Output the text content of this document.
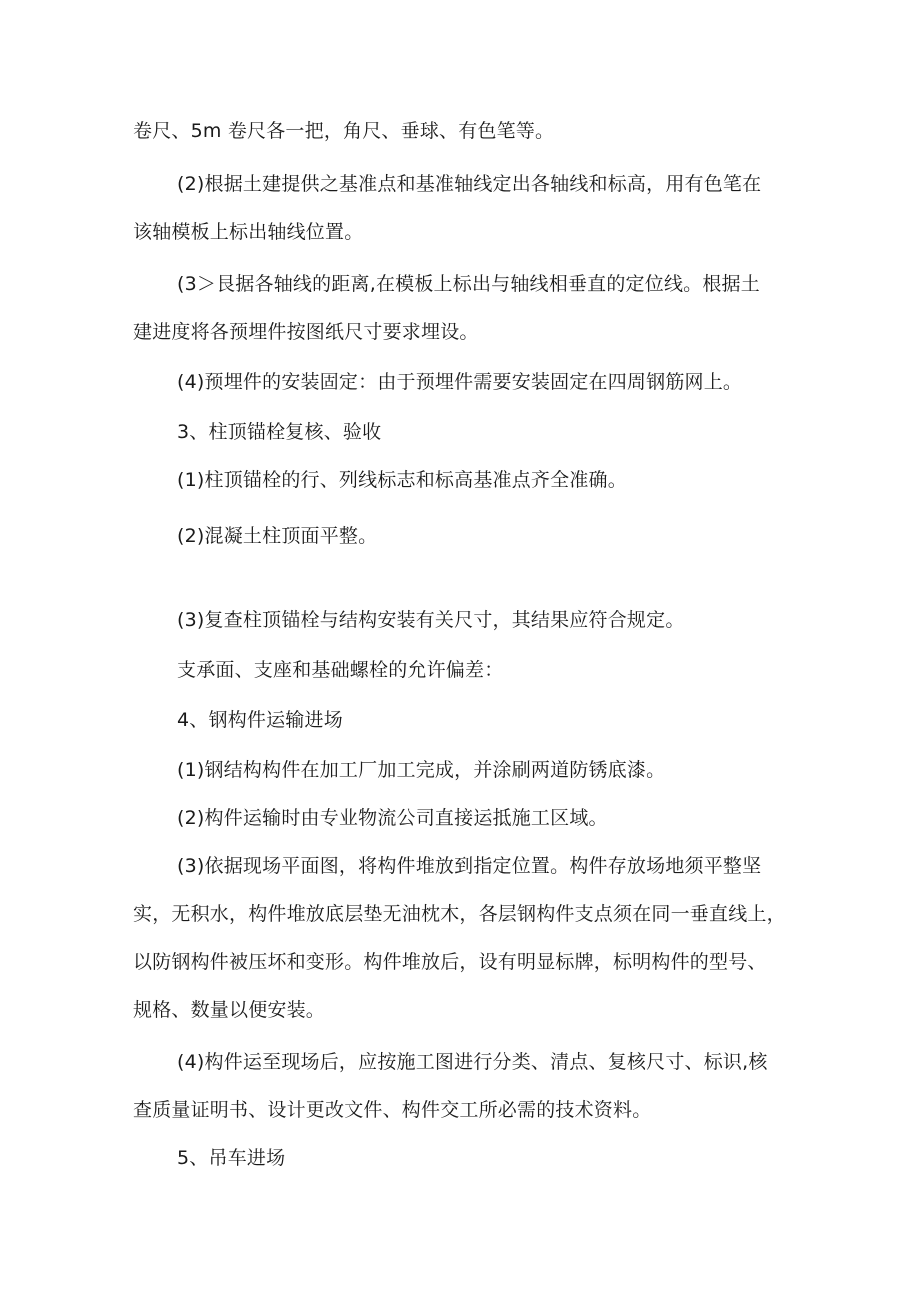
卷尺、5m 卷尺各一把，角尺、垂球、有色笔等。
(2)根据土建提供之基准点和基准轴线定出各轴线和标高，用有色笔在
该轴模板上标出轴线位置。
(3＞艮据各轴线的距离,在模板上标出与轴线相垂直的定位线。根据土
建进度将各预埋件按图纸尺寸要求埋设。
(4)预埋件的安装固定：由于预埋件需要安装固定在四周钢筋网上。
3、柱顶锚栓复核、验收
(1)柱顶锚栓的行、列线标志和标高基准点齐全准确。
(2)混凝土柱顶面平整。
(3)复查柱顶锚栓与结构安装有关尺寸，其结果应符合规定。
支承面、支座和基础螺栓的允许偏差：
4、钢构件运输进场
(1)钢结构构件在加工厂加工完成，并涂刷两道防锈底漆。
(2)构件运输时由专业物流公司直接运抵施工区域。
(3)依据现场平面图，将构件堆放到指定位置。构件存放场地须平整坚
实，无积水，构件堆放底层垫无油枕木，各层钢构件支点须在同一垂直线上，
以防钢构件被压坏和变形。构件堆放后，设有明显标牌，标明构件的型号、
规格、数量以便安装。
(4)构件运至现场后，应按施工图进行分类、清点、复核尺寸、标识,核
查质量证明书、设计更改文件、构件交工所必需的技术资料。
5、吊车进场
